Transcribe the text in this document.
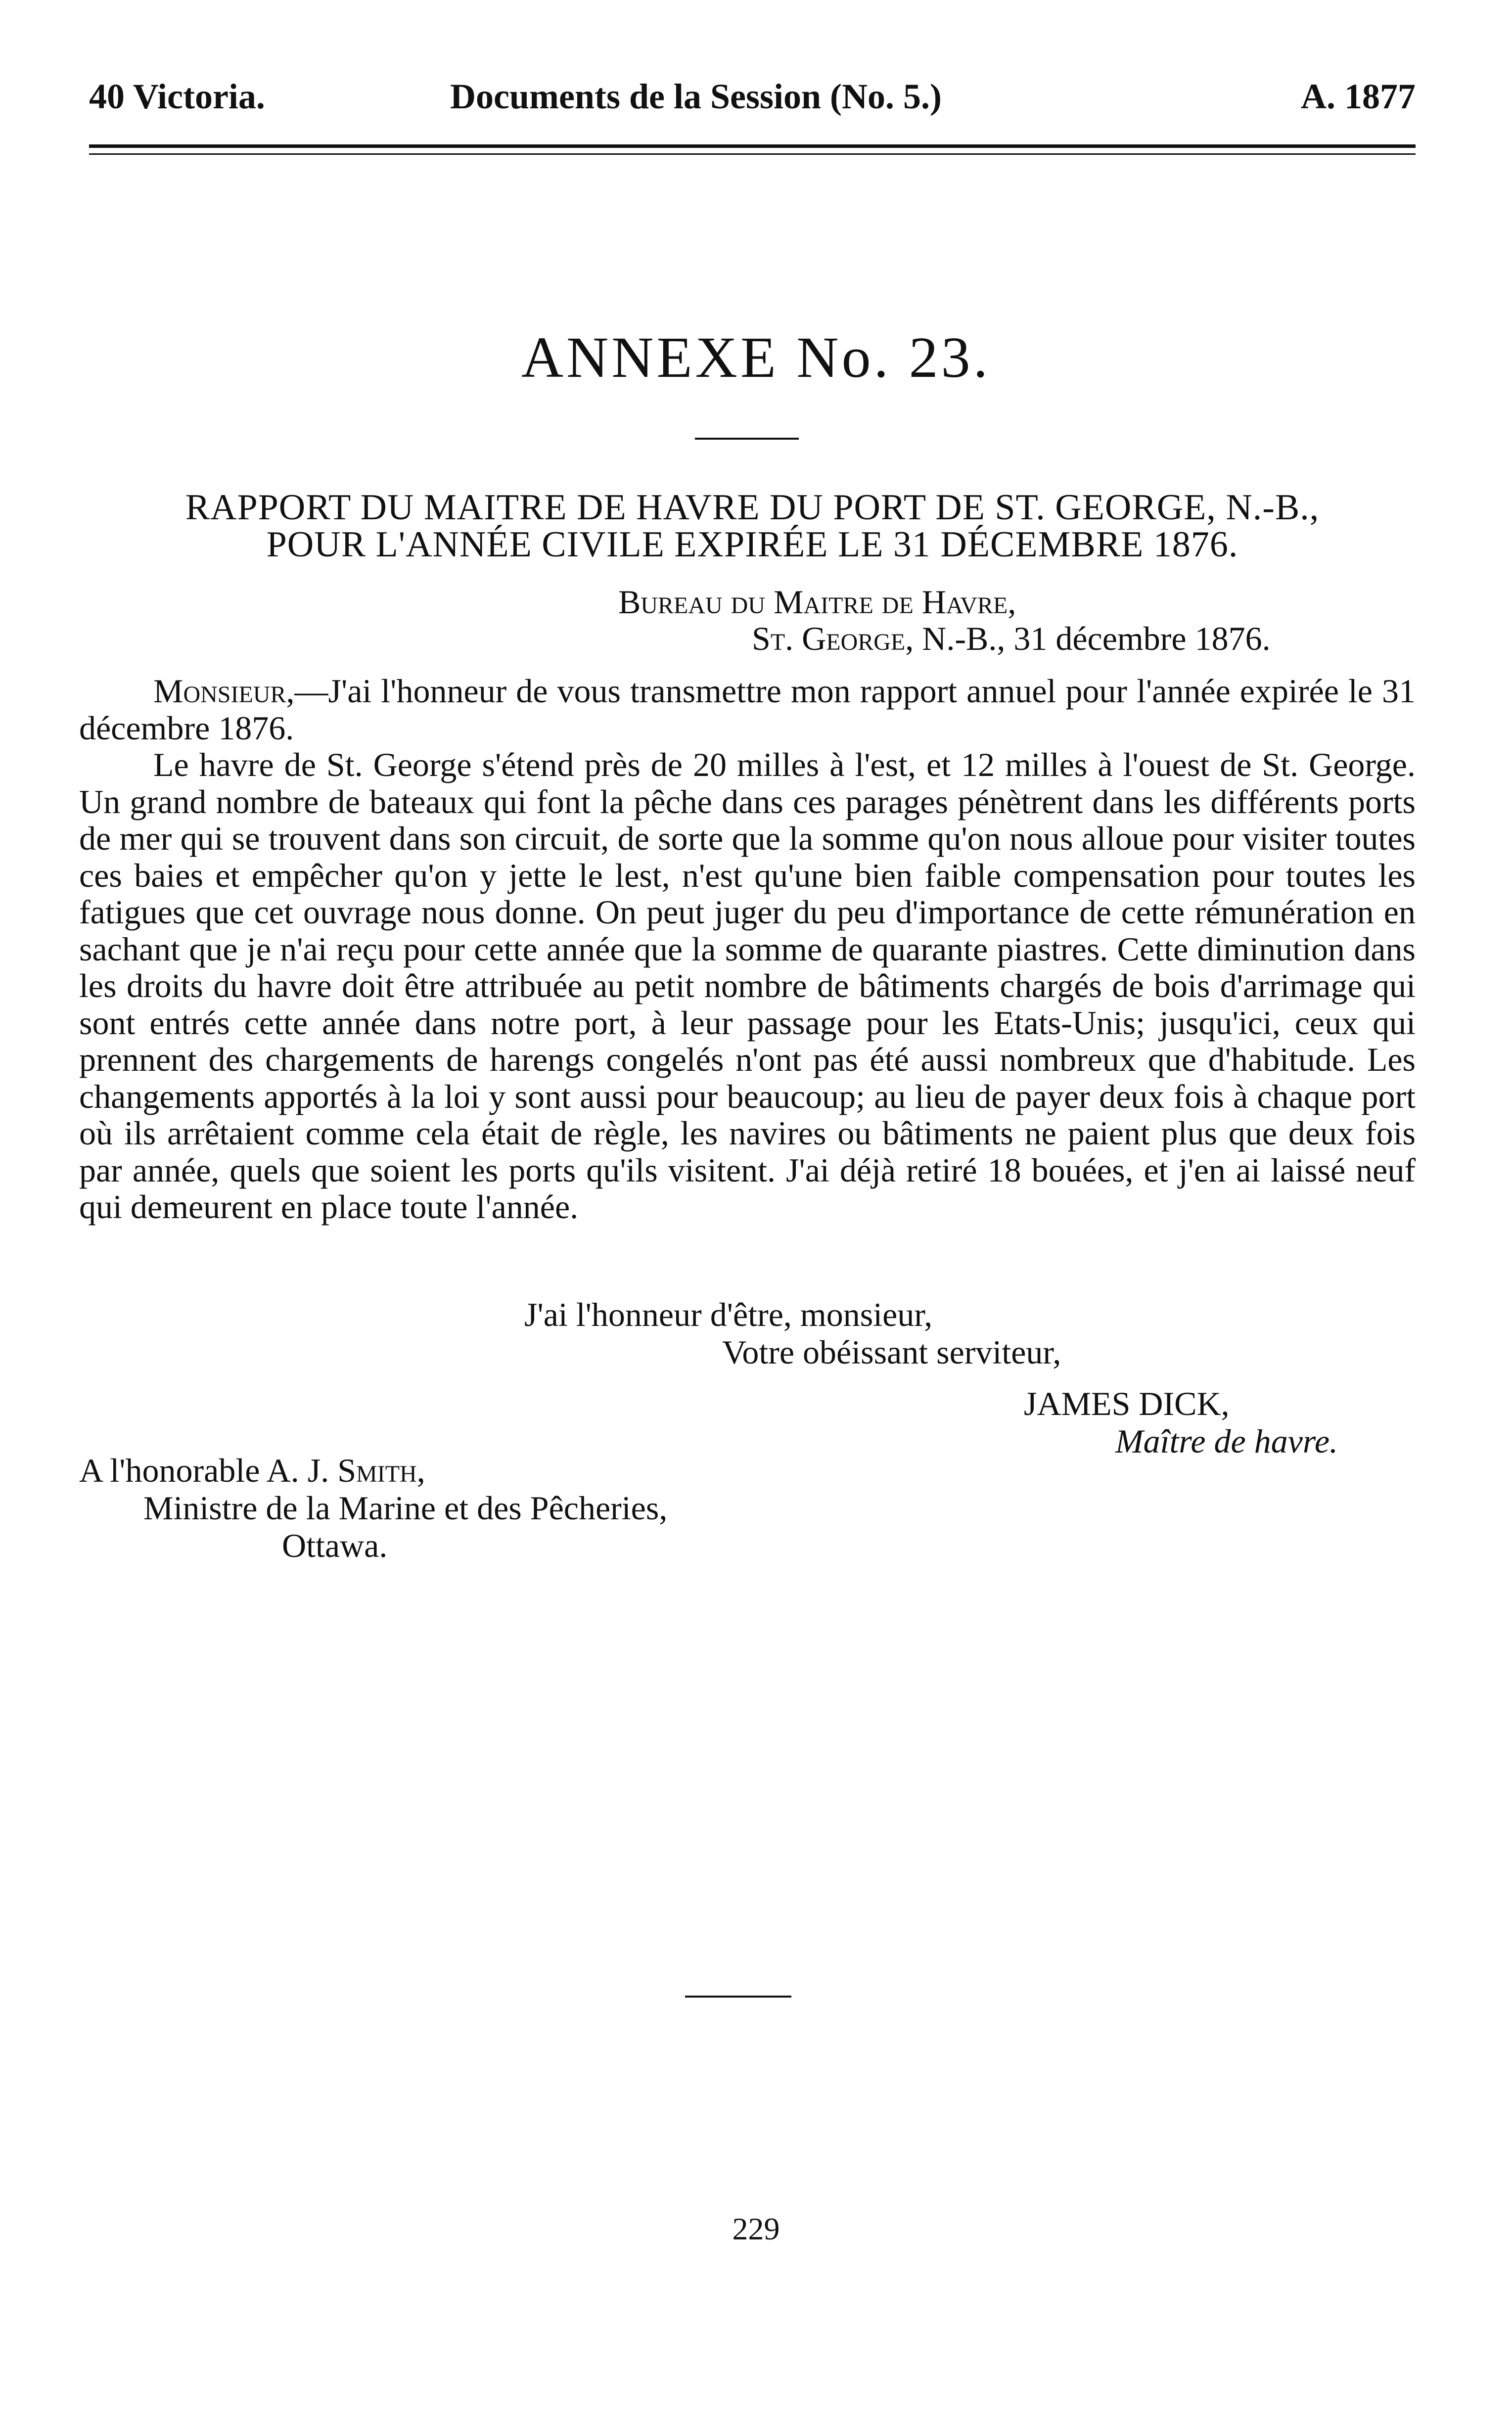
40 Victoria.	Documents de la Session (No. 5.)	A. 1877
ANNEXE No. 23.
RAPPORT DU MAITRE DE HAVRE DU PORT DE ST. GEORGE, N.-B.,
POUR L'ANNÉE CIVILE EXPIRÉE LE 31 DÉCEMBRE 1876.
Bureau du Maitre de Havre,
St. George, N.-B., 31 décembre 1876.

Monsieur,—J'ai l'honneur de vous transmettre mon rapport annuel pour l'année expirée le 31 décembre 1876.

Le havre de St. George s'étend près de 20 milles à l'est, et 12 milles à l'ouest de St. George. Un grand nombre de bateaux qui font la pêche dans ces parages pénètrent dans les différents ports de mer qui se trouvent dans son circuit, de sorte que la somme qu'on nous alloue pour visiter toutes ces baies et empêcher qu'on y jette le lest, n'est qu'une bien faible compensation pour toutes les fatigues que cet ouvrage nous donne. On peut juger du peu d'importance de cette rémunération en sachant que je n'ai reçu pour cette année que la somme de quarante piastres. Cette diminution dans les droits du havre doit être attribuée au petit nombre de bâtiments chargés de bois d'arrimage qui sont entrés cette année dans notre port, à leur passage pour les Etats-Unis; jusqu'ici, ceux qui prennent des chargements de harengs congelés n'ont pas été aussi nombreux que d'habitude. Les changements apportés à la loi y sont aussi pour beaucoup; au lieu de payer deux fois à chaque port où ils arrêtaient comme cela était de règle, les navires ou bâtiments ne paient plus que deux fois par année, quels que soient les ports qu'ils visitent. J'ai déjà retiré 18 bouées, et j'en ai laissé neuf qui demeurent en place toute l'année.

J'ai l'honneur d'être, monsieur,
Votre obéissant serviteur,
JAMES DICK,
Maître de havre.
A l'honorable A. J. Smith,
Ministre de la Marine et des Pêcheries,
Ottawa.
229
